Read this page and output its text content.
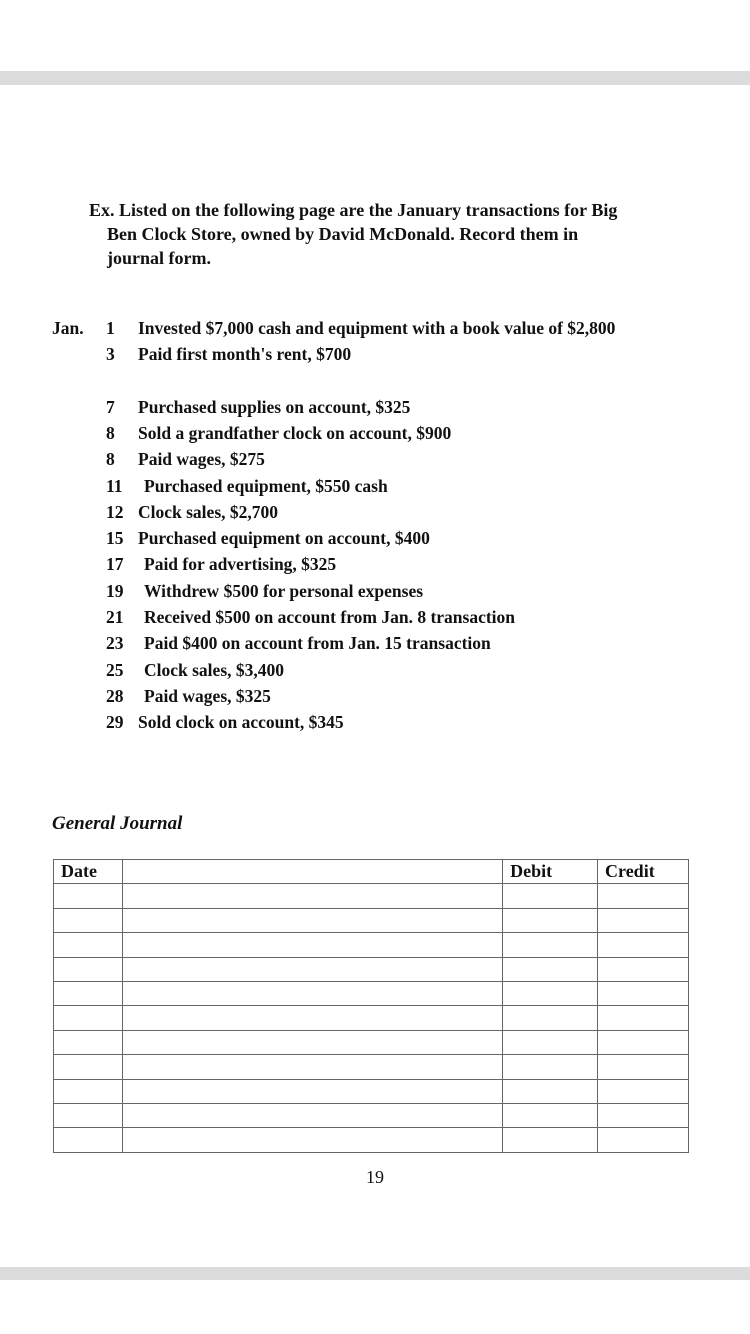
Ex. Listed on the following page are the January transactions for Big
Ben Clock Store, owned by David McDonald. Record them in
journal form.
Jan. 1 Invested $7,000 cash and equipment with a book value of $2,800
3 Paid first month's rent, $700
7 Purchased supplies on account, $325
8 Sold a grandfather clock on account, $900
8 Paid wages, $275
11 Purchased equipment, $550 cash
12 Clock sales, $2,700
15 Purchased equipment on account, $400
17 Paid for advertising, $325
19 Withdrew $500 for personal expenses
21 Received $500 on account from Jan. 8 transaction
23 Paid $400 on account from Jan. 15 transaction
25 Clock sales, $3,400
28 Paid wages, $325
29 Sold clock on account, $345
General Journal
Date		Debit	Credit

19
